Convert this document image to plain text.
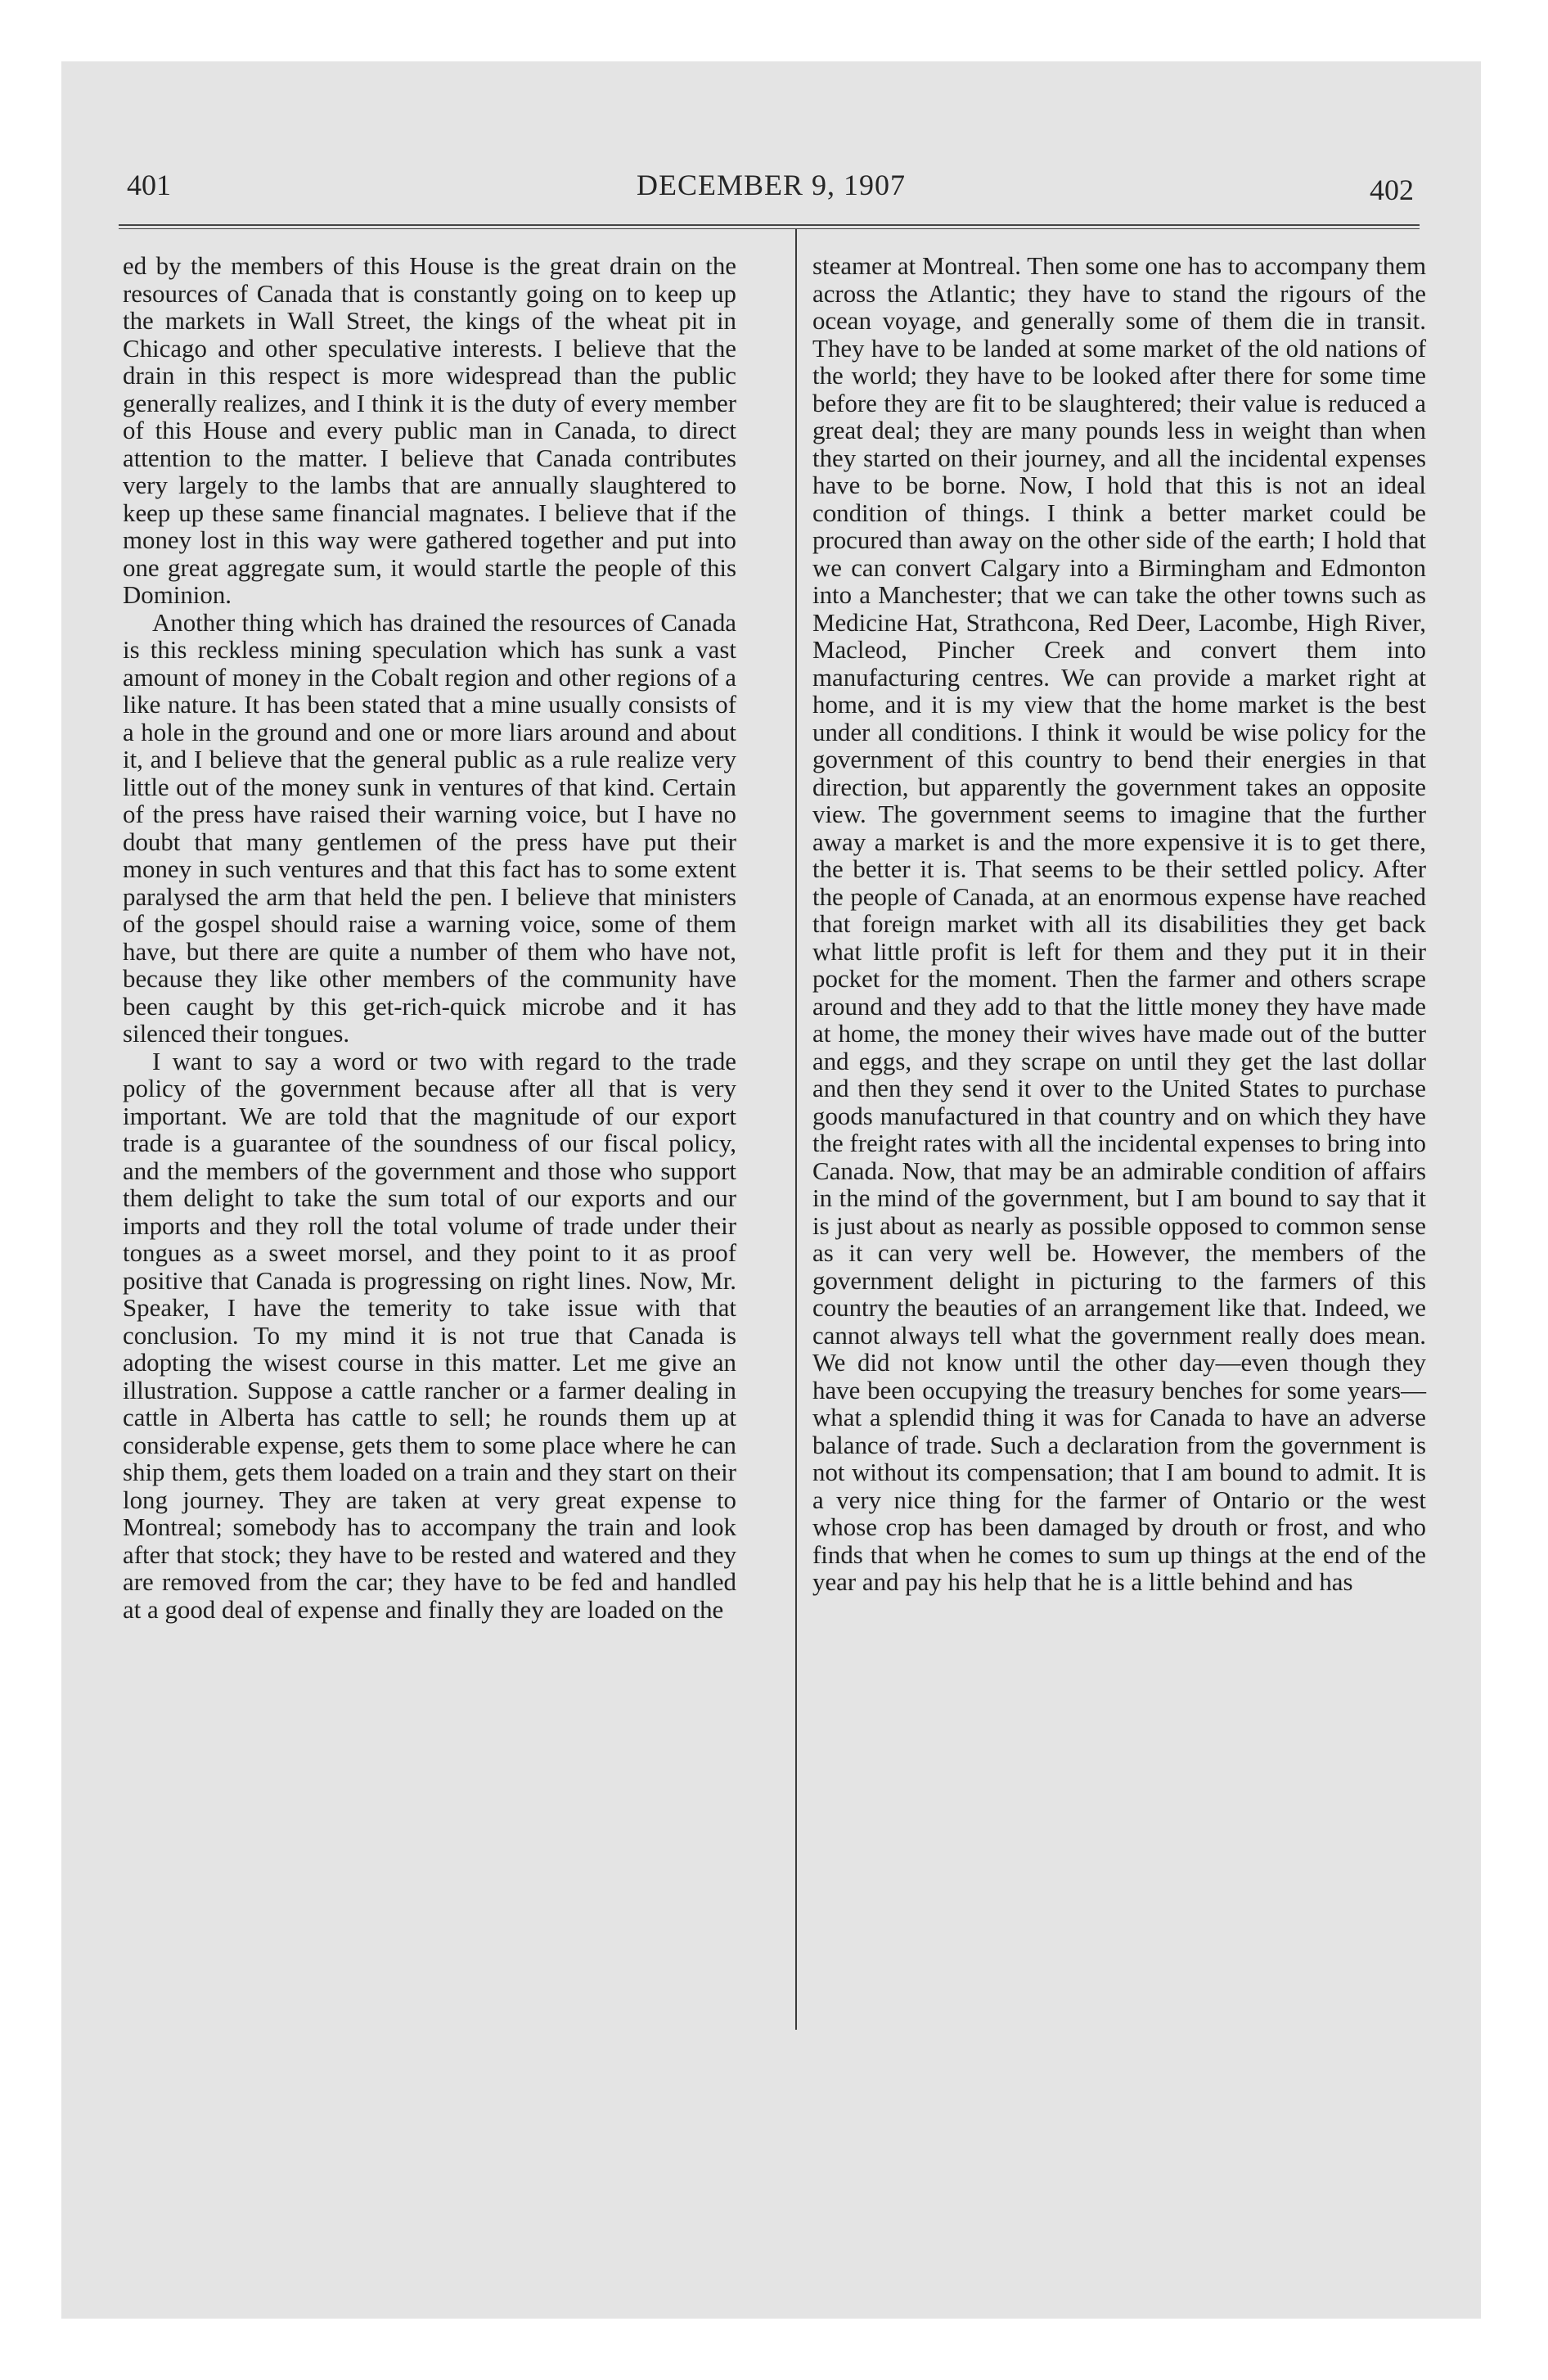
401	DECEMBER 9, 1907	402

ed by the members of this House is the great drain on the resources of Canada that is constantly going on to keep up the markets in Wall Street, the kings of the wheat pit in Chicago and other speculative interests. I believe that the drain in this respect is more widespread than the public generally realizes, and I think it is the duty of every member of this House and every public man in Canada, to direct attention to the matter. I believe that Canada contributes very largely to the lambs that are annually slaughtered to keep up these same financial magnates. I believe that if the money lost in this way were gathered together and put into one great aggregate sum, it would startle the people of this Dominion.

Another thing which has drained the resources of Canada is this reckless mining speculation which has sunk a vast amount of money in the Cobalt region and other regions of a like nature. It has been stated that a mine usually consists of a hole in the ground and one or more liars around and about it, and I believe that the general public as a rule realize very little out of the money sunk in ventures of that kind. Certain of the press have raised their warning voice, but I have no doubt that many gentlemen of the press have put their money in such ventures and that this fact has to some extent paralysed the arm that held the pen. I believe that ministers of the gospel should raise a warning voice, some of them have, but there are quite a number of them who have not, because they like other members of the community have been caught by this get-rich-quick microbe and it has silenced their tongues.

I want to say a word or two with regard to the trade policy of the government because after all that is very important. We are told that the magnitude of our export trade is a guarantee of the soundness of our fiscal policy, and the members of the government and those who support them delight to take the sum total of our exports and our imports and they roll the total volume of trade under their tongues as a sweet morsel, and they point to it as proof positive that Canada is progressing on right lines. Now, Mr. Speaker, I have the temerity to take issue with that conclusion. To my mind it is not true that Canada is adopting the wisest course in this matter. Let me give an illustration. Suppose a cattle rancher or a farmer dealing in cattle in Alberta has cattle to sell; he rounds them up at considerable expense, gets them to some place where he can ship them, gets them loaded on a train and they start on their long journey. They are taken at very great expense to Montreal; somebody has to accompany the train and look after that stock; they have to be rested and watered and they are removed from the car; they have to be fed and handled at a good deal of expense and finally they are loaded on the

steamer at Montreal. Then some one has to accompany them across the Atlantic; they have to stand the rigours of the ocean voyage, and generally some of them die in transit. They have to be landed at some market of the old nations of the world; they have to be looked after there for some time before they are fit to be slaughtered; their value is reduced a great deal; they are many pounds less in weight than when they started on their journey, and all the incidental expenses have to be borne. Now, I hold that this is not an ideal condition of things. I think a better market could be procured than away on the other side of the earth; I hold that we can convert Calgary into a Birmingham and Edmonton into a Manchester; that we can take the other towns such as Medicine Hat, Strathcona, Red Deer, Lacombe, High River, Macleod, Pincher Creek and convert them into manufacturing centres. We can provide a market right at home, and it is my view that the home market is the best under all conditions. I think it would be wise policy for the government of this country to bend their energies in that direction, but apparently the government takes an opposite view. The government seems to imagine that the further away a market is and the more expensive it is to get there, the better it is. That seems to be their settled policy. After the people of Canada, at an enormous expense have reached that foreign market with all its disabilities they get back what little profit is left for them and they put it in their pocket for the moment. Then the farmer and others scrape around and they add to that the little money they have made at home, the money their wives have made out of the butter and eggs, and they scrape on until they get the last dollar and then they send it over to the United States to purchase goods manufactured in that country and on which they have the freight rates with all the incidental expenses to bring into Canada. Now, that may be an admirable condition of affairs in the mind of the government, but I am bound to say that it is just about as nearly as possible opposed to common sense as it can very well be. However, the members of the government delight in picturing to the farmers of this country the beauties of an arrangement like that. Indeed, we cannot always tell what the government really does mean. We did not know until the other day—even though they have been occupying the treasury benches for some years—what a splendid thing it was for Canada to have an adverse balance of trade. Such a declaration from the government is not without its compensation; that I am bound to admit. It is a very nice thing for the farmer of Ontario or the west whose crop has been damaged by drouth or frost, and who finds that when he comes to sum up things at the end of the year and pay his help that he is a little behind and has
